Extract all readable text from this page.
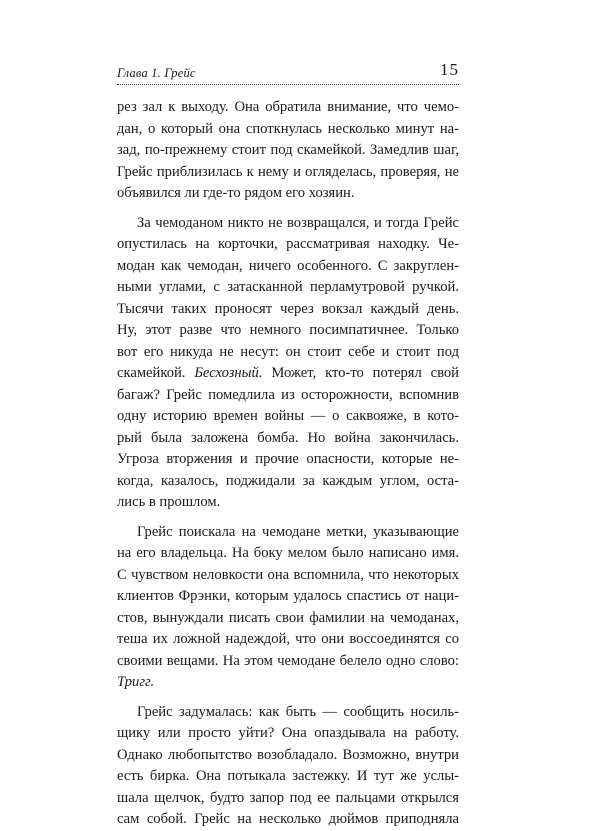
Глава 1. Грейс	15
рез зал к выходу. Она обратила внимание, что чемо-
дан, о который она споткнулась несколько минут на-
зад, по-прежнему стоит под скамейкой. Замедлив шаг,
Грейс приблизилась к нему и огляделась, проверяя, не
объявился ли где-то рядом его хозяин.
За чемоданом никто не возвращался, и тогда Грейс
опустилась на корточки, рассматривая находку. Че-
модан как чемодан, ничего особенного. С закруглен-
ными углами, с затасканной перламутровой ручкой.
Тысячи таких проносят через вокзал каждый день.
Ну, этот разве что немного посимпатичнее. Только
вот его никуда не несут: он стоит себе и стоит под
скамейкой. Бесхозный. Может, кто-то потерял свой
багаж? Грейс помедлила из осторожности, вспомнив
одну историю времен войны — о саквояже, в кото-
рый была заложена бомба. Но война закончилась.
Угроза вторжения и прочие опасности, которые не-
когда, казалось, поджидали за каждым углом, оста-
лись в прошлом.
Грейс поискала на чемодане метки, указывающие
на его владельца. На боку мелом было написано имя.
С чувством неловкости она вспомнила, что некоторых
клиентов Фрэнки, которым удалось спастись от наци-
стов, вынуждали писать свои фамилии на чемоданах,
теша их ложной надеждой, что они воссоединятся со
своими вещами. На этом чемодане белело одно слово:
Тригг.
Грейс задумалась: как быть — сообщить носиль-
щику или просто уйти? Она опаздывала на работу.
Однако любопытство возобладало. Возможно, внутри
есть бирка. Она потыкала застежку. И тут же услы-
шала щелчок, будто запор под ее пальцами открылся
сам собой. Грейс на несколько дюймов приподняла
